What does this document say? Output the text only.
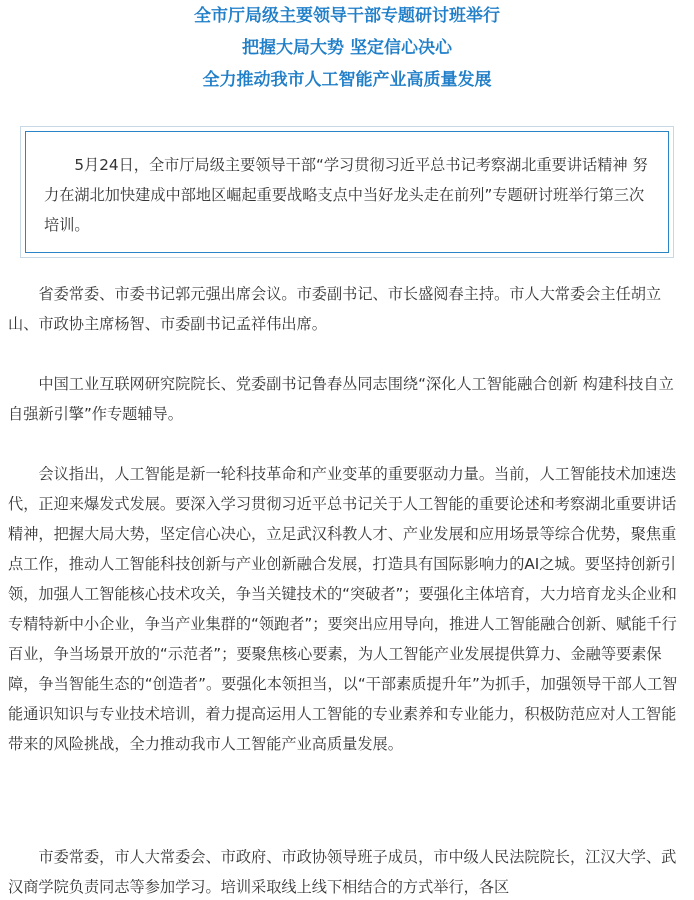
全市厅局级主要领导干部专题研讨班举行

把握大局大势 坚定信心决心

全力推动我市人工智能产业高质量发展

5月24日，全市厅局级主要领导干部“学习贯彻习近平总书记考察湖北重要讲话精神 努力在湖北加快建成中部地区崛起重要战略支点中当好龙头走在前列”专题研讨班举行第三次培训。

省委常委、市委书记郭元强出席会议。市委副书记、市长盛阅春主持。市人大常委会主任胡立山、市政协主席杨智、市委副书记孟祥伟出席。

中国工业互联网研究院院长、党委副书记鲁春丛同志围绕“深化人工智能融合创新 构建科技自立自强新引擎”作专题辅导。

会议指出，人工智能是新一轮科技革命和产业变革的重要驱动力量。当前，人工智能技术加速迭代，正迎来爆发式发展。要深入学习贯彻习近平总书记关于人工智能的重要论述和考察湖北重要讲话精神，把握大局大势，坚定信心决心，立足武汉科教人才、产业发展和应用场景等综合优势，聚焦重点工作，推动人工智能科技创新与产业创新融合发展，打造具有国际影响力的AI之城。要坚持创新引领，加强人工智能核心技术攻关，争当关键技术的“突破者”；要强化主体培育，大力培育龙头企业和专精特新中小企业，争当产业集群的“领跑者”；要突出应用导向，推进人工智能融合创新、赋能千行百业，争当场景开放的“示范者”；要聚焦核心要素，为人工智能产业发展提供算力、金融等要素保障，争当智能生态的“创造者”。要强化本领担当，以“干部素质提升年”为抓手，加强领导干部人工智能通识知识与专业技术培训，着力提高运用人工智能的专业素养和专业能力，积极防范应对人工智能带来的风险挑战，全力推动我市人工智能产业高质量发展。

市委常委，市人大常委会、市政府、市政协领导班子成员，市中级人民法院院长，江汉大学、武汉商学院负责同志等参加学习。培训采取线上线下相结合的方式举行，各区
